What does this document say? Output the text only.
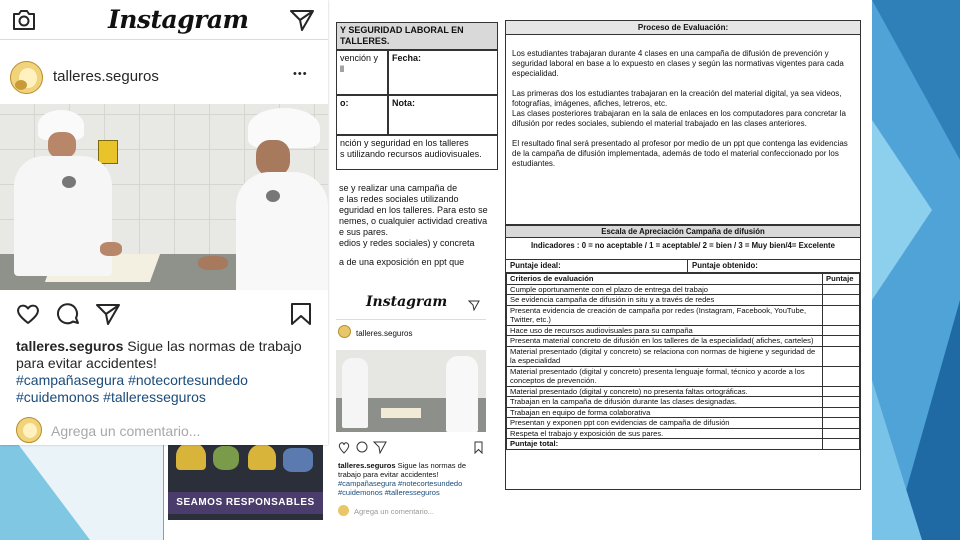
Y SEGURIDAD LABORAL EN TALLERES.
vención y
ll
Fecha:
o:	Nota:
nción y seguridad en los talleres
s utilizando recursos audiovisuales.
se y realizar una campaña de
e las redes sociales utilizando
eguridad en los talleres. Para esto se
nemes, o cualquier actividad creativa
e sus pares.
edios y redes sociales) y concreta
a de una exposición en ppt que
SEAMOS RESPONSABLES
Instagram
talleres.seguros
talleres.seguros Sigue las normas de trabajo para evitar accidentes!
#campañasegura #notecortesundedo
#cuidemonos #talleresseguros
Agrega un comentario...
Proceso de Evaluación:

Los estudiantes trabajaran durante 4 clases en una campaña de difusión de prevención y seguridad laboral en base a lo expuesto en clases y según las normativas vigentes para cada especialidad.

Las primeras dos los estudiantes trabajaran en la creación del material digital, ya sea videos, fotografías, imágenes, afiches, letreros, etc.

Las clases posteriores trabajaran en la sala de enlaces en los computadores para concretar la difusión por redes sociales, subiendo el material trabajado en las clases anteriores.

El resultado final será presentado al profesor por medio de un ppt que contenga las evidencias de la campaña de difusión implementada, además de todo el material confeccionado por los estudiantes.

Escala de Apreciación Campaña de difusión
Indicadores : 0 = no aceptable / 1 = aceptable/ 2 = bien / 3 = Muy bien/4= Excelente
Puntaje ideal:	Puntaje obtenido:
Criterios de evaluación	Puntaje
Cumple oportunamente con el plazo de entrega del trabajo	
Se evidencia campaña de difusión in situ y a través de redes	
Presenta evidencia de creación de campaña por redes (Instagram, Facebook, YouTube, Twitter, etc.)	
Hace uso de recursos audiovisuales para su campaña	
Presenta material concreto de difusión en los talleres de la especialidad( afiches, carteles)	
Material presentado (digital y concreto) se relaciona con normas de higiene y seguridad de la especialidad	
Material presentado (digital y concreto) presenta lenguaje formal, técnico y acorde a los conceptos de prevención.	
Material presentado (digital y concreto) no presenta faltas ortográficas.	
Trabajan en la campaña de difusión durante las clases designadas.	
Trabajan en equipo de forma colaborativa	
Presentan y exponen ppt con evidencias de campaña de difusión	
Respeta el trabajo y exposición de sus pares.	
Puntaje total:	
Instagram
talleres.seguros	•••
talleres.seguros Sigue las normas de trabajo para evitar accidentes!
#campañasegura #notecortesundedo
#cuidemonos #talleresseguros
Agrega un comentario...
